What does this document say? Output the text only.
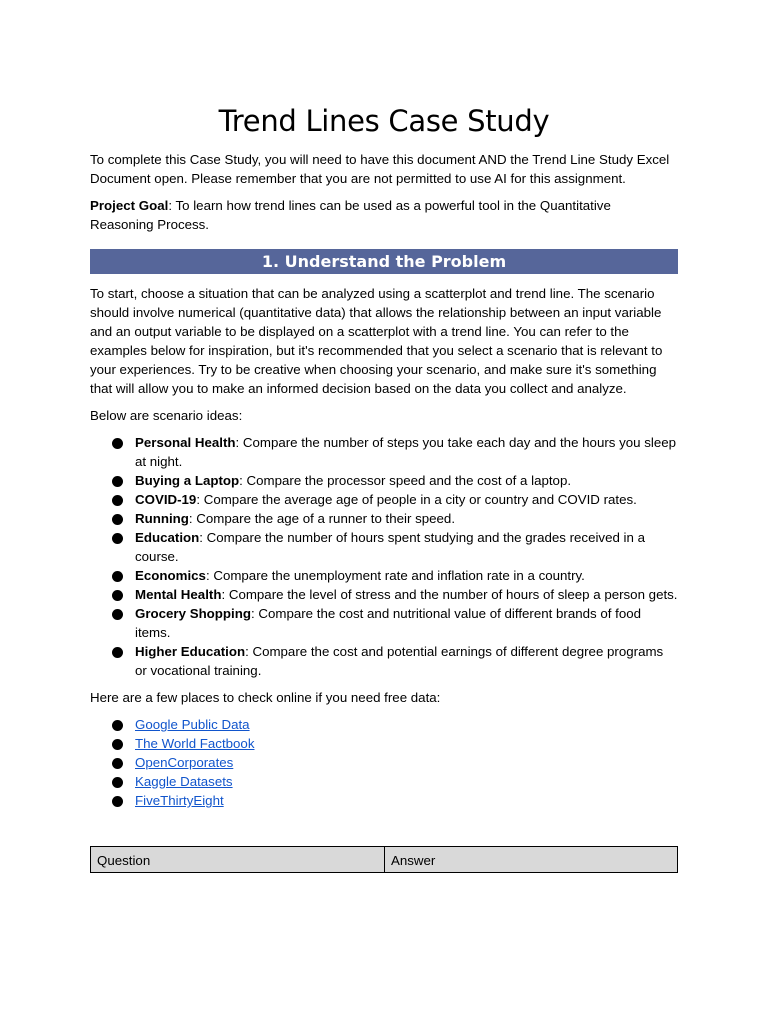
Trend Lines Case Study

To complete this Case Study, you will need to have this document AND the Trend Line Study Excel Document open. Please remember that you are not permitted to use AI for this assignment.

Project Goal: To learn how trend lines can be used as a powerful tool in the Quantitative Reasoning Process.

1. Understand the Problem

To start, choose a situation that can be analyzed using a scatterplot and trend line. The scenario should involve numerical (quantitative data) that allows the relationship between an input variable and an output variable to be displayed on a scatterplot with a trend line. You can refer to the examples below for inspiration, but it's recommended that you select a scenario that is relevant to your experiences. Try to be creative when choosing your scenario, and make sure it's something that will allow you to make an informed decision based on the data you collect and analyze.

Below are scenario ideas:

Personal Health: Compare the number of steps you take each day and the hours you sleep at night.
Buying a Laptop: Compare the processor speed and the cost of a laptop.
COVID-19: Compare the average age of people in a city or country and COVID rates.
Running: Compare the age of a runner to their speed.
Education: Compare the number of hours spent studying and the grades received in a course.
Economics: Compare the unemployment rate and inflation rate in a country.
Mental Health: Compare the level of stress and the number of hours of sleep a person gets.
Grocery Shopping: Compare the cost and nutritional value of different brands of food items.
Higher Education: Compare the cost and potential earnings of different degree programs or vocational training.

Here are a few places to check online if you need free data:

Google Public Data
The World Factbook
OpenCorporates
Kaggle Datasets
FiveThirtyEight
Question	Answer
